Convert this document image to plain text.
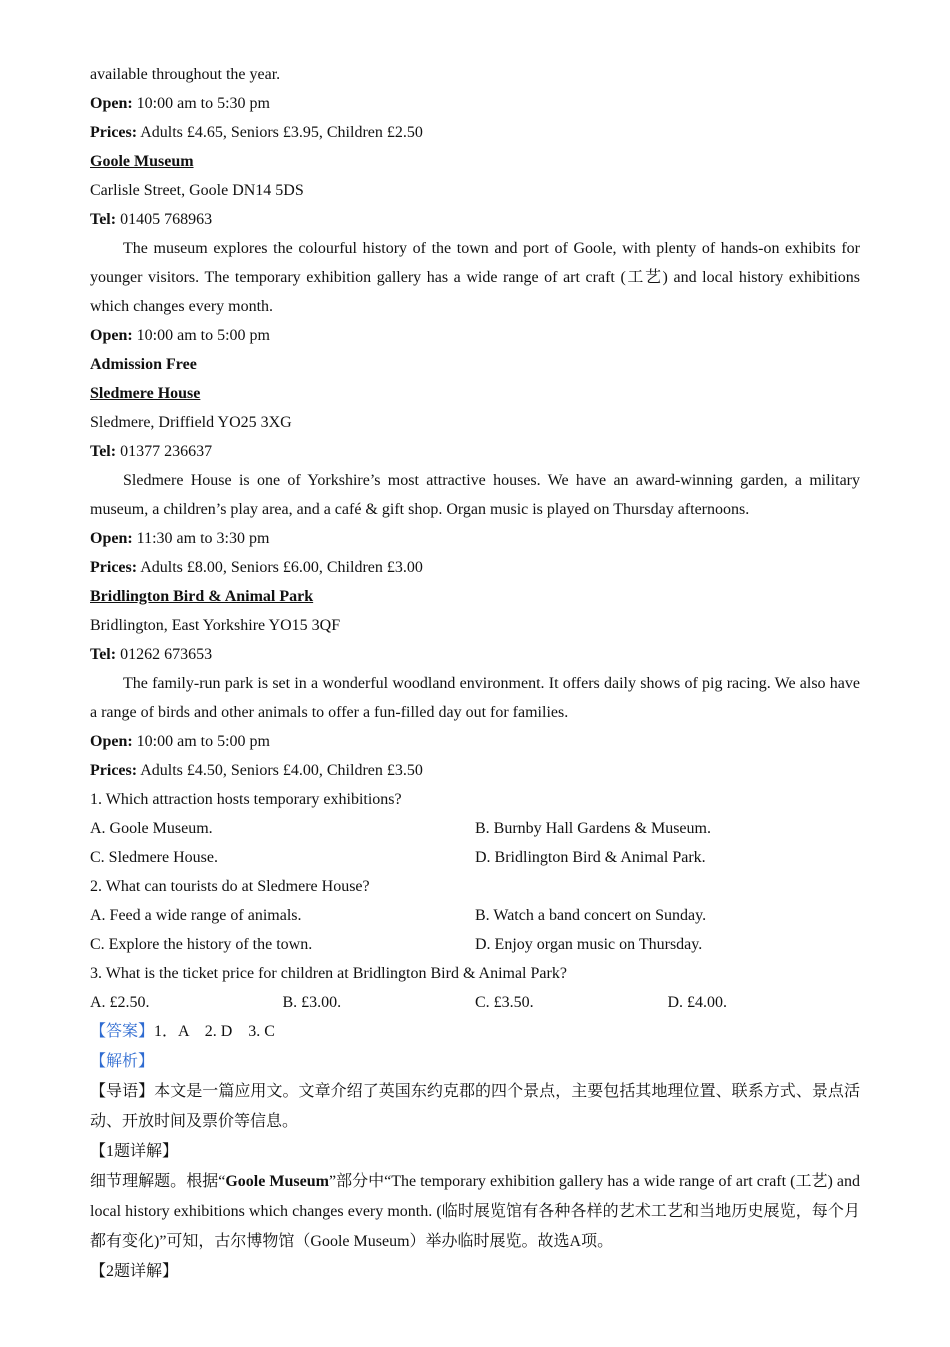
available throughout the year.
Open: 10:00 am to 5:30 pm
Prices: Adults £4.65, Seniors £3.95, Children £2.50
Goole Museum
Carlisle Street, Goole DN14 5DS
Tel: 01405 768963
The museum explores the colourful history of the town and port of Goole, with plenty of hands-on exhibits for younger visitors. The temporary exhibition gallery has a wide range of art craft (工艺) and local history exhibitions which changes every month.
Open: 10:00 am to 5:00 pm
Admission Free
Sledmere House
Sledmere, Driffield YO25 3XG
Tel: 01377 236637
Sledmere House is one of Yorkshire’s most attractive houses. We have an award-winning garden, a military museum, a children’s play area, and a café & gift shop. Organ music is played on Thursday afternoons.
Open: 11:30 am to 3:30 pm
Prices: Adults £8.00, Seniors £6.00, Children £3.00
Bridlington Bird & Animal Park
Bridlington, East Yorkshire YO15 3QF
Tel: 01262 673653
The family-run park is set in a wonderful woodland environment. It offers daily shows of pig racing. We also have a range of birds and other animals to offer a fun-filled day out for families.
Open: 10:00 am to 5:00 pm
Prices: Adults £4.50, Seniors £4.00, Children £3.50
1. Which attraction hosts temporary exhibitions?
A. Goole Museum.	B. Burnby Hall Gardens & Museum.
C. Sledmere House.	D. Bridlington Bird & Animal Park.
2. What can tourists do at Sledmere House?
A. Feed a wide range of animals.	B. Watch a band concert on Sunday.
C. Explore the history of the town.	D. Enjoy organ music on Thursday.
3. What is the ticket price for children at Bridlington Bird & Animal Park?
A. £2.50.	B. £3.00.	C. £3.50.	D. £4.00.
【答案】1．A　2. D　3. C
【解析】
【导语】本文是一篇应用文。文章介绍了英国东约克郡的四个景点，主要包括其地理位置、联系方式、景点活动、开放时间及票价等信息。
【1题详解】
细节理解题。根据“Goole Museum”部分中“The temporary exhibition gallery has a wide range of art craft (工艺) and local history exhibitions which changes every month. (临时展览馆有各种各样的艺术工艺和当地历史展览，每个月都有变化)”可知，古尔博物馆（Goole Museum）举办临时展览。故选A项。
【2题详解】
